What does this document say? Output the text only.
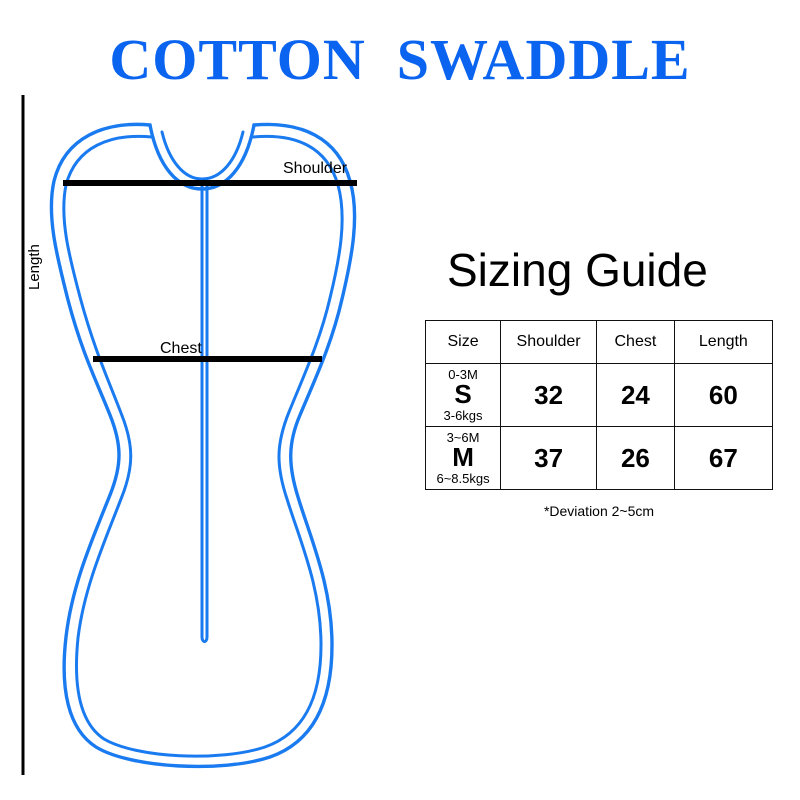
COTTON  SWADDLE
Shoulder
Chest
Length	Sizing Guide
Size	Shoulder	Chest	Length

0-3M
S
3-6kgs	32	24	60

3~6M
M
6~8.5kgs	37	26	67
*Deviation 2~5cm
